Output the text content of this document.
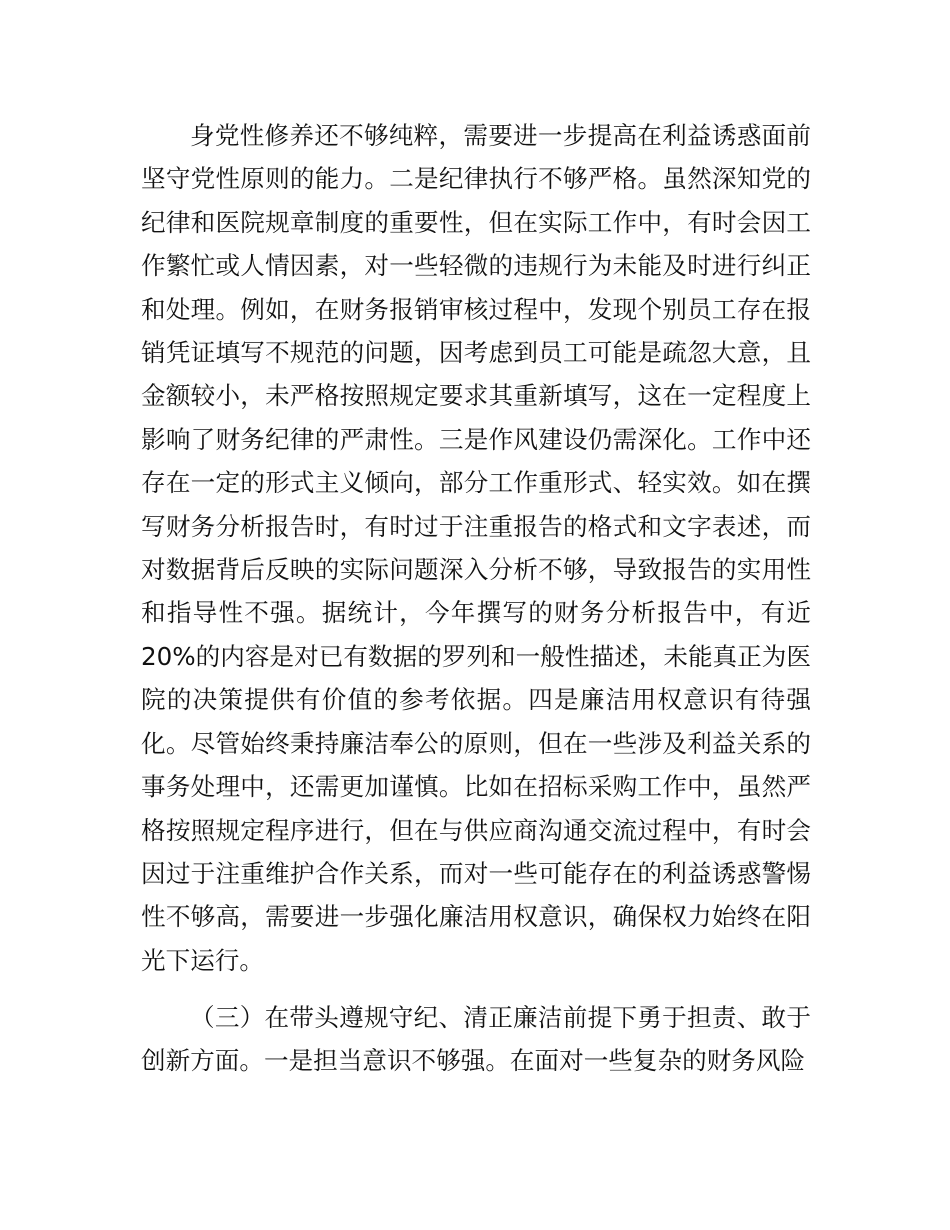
身党性修养还不够纯粹，需要进一步提高在利益诱惑面前坚守党性原则的能力。二是纪律执行不够严格。虽然深知党的纪律和医院规章制度的重要性，但在实际工作中，有时会因工作繁忙或人情因素，对一些轻微的违规行为未能及时进行纠正和处理。例如，在财务报销审核过程中，发现个别员工存在报销凭证填写不规范的问题，因考虑到员工可能是疏忽大意，且金额较小，未严格按照规定要求其重新填写，这在一定程度上影响了财务纪律的严肃性。三是作风建设仍需深化。工作中还存在一定的形式主义倾向，部分工作重形式、轻实效。如在撰写财务分析报告时，有时过于注重报告的格式和文字表述，而对数据背后反映的实际问题深入分析不够，导致报告的实用性和指导性不强。据统计，今年撰写的财务分析报告中，有近20%的内容是对已有数据的罗列和一般性描述，未能真正为医院的决策提供有价值的参考依据。四是廉洁用权意识有待强化。尽管始终秉持廉洁奉公的原则，但在一些涉及利益关系的事务处理中，还需更加谨慎。比如在招标采购工作中，虽然严格按照规定程序进行，但在与供应商沟通交流过程中，有时会因过于注重维护合作关系，而对一些可能存在的利益诱惑警惕性不够高，需要进一步强化廉洁用权意识，确保权力始终在阳光下运行。

（三）在带头遵规守纪、清正廉洁前提下勇于担责、敢于创新方面。一是担当意识不够强。在面对一些复杂的财务风险
